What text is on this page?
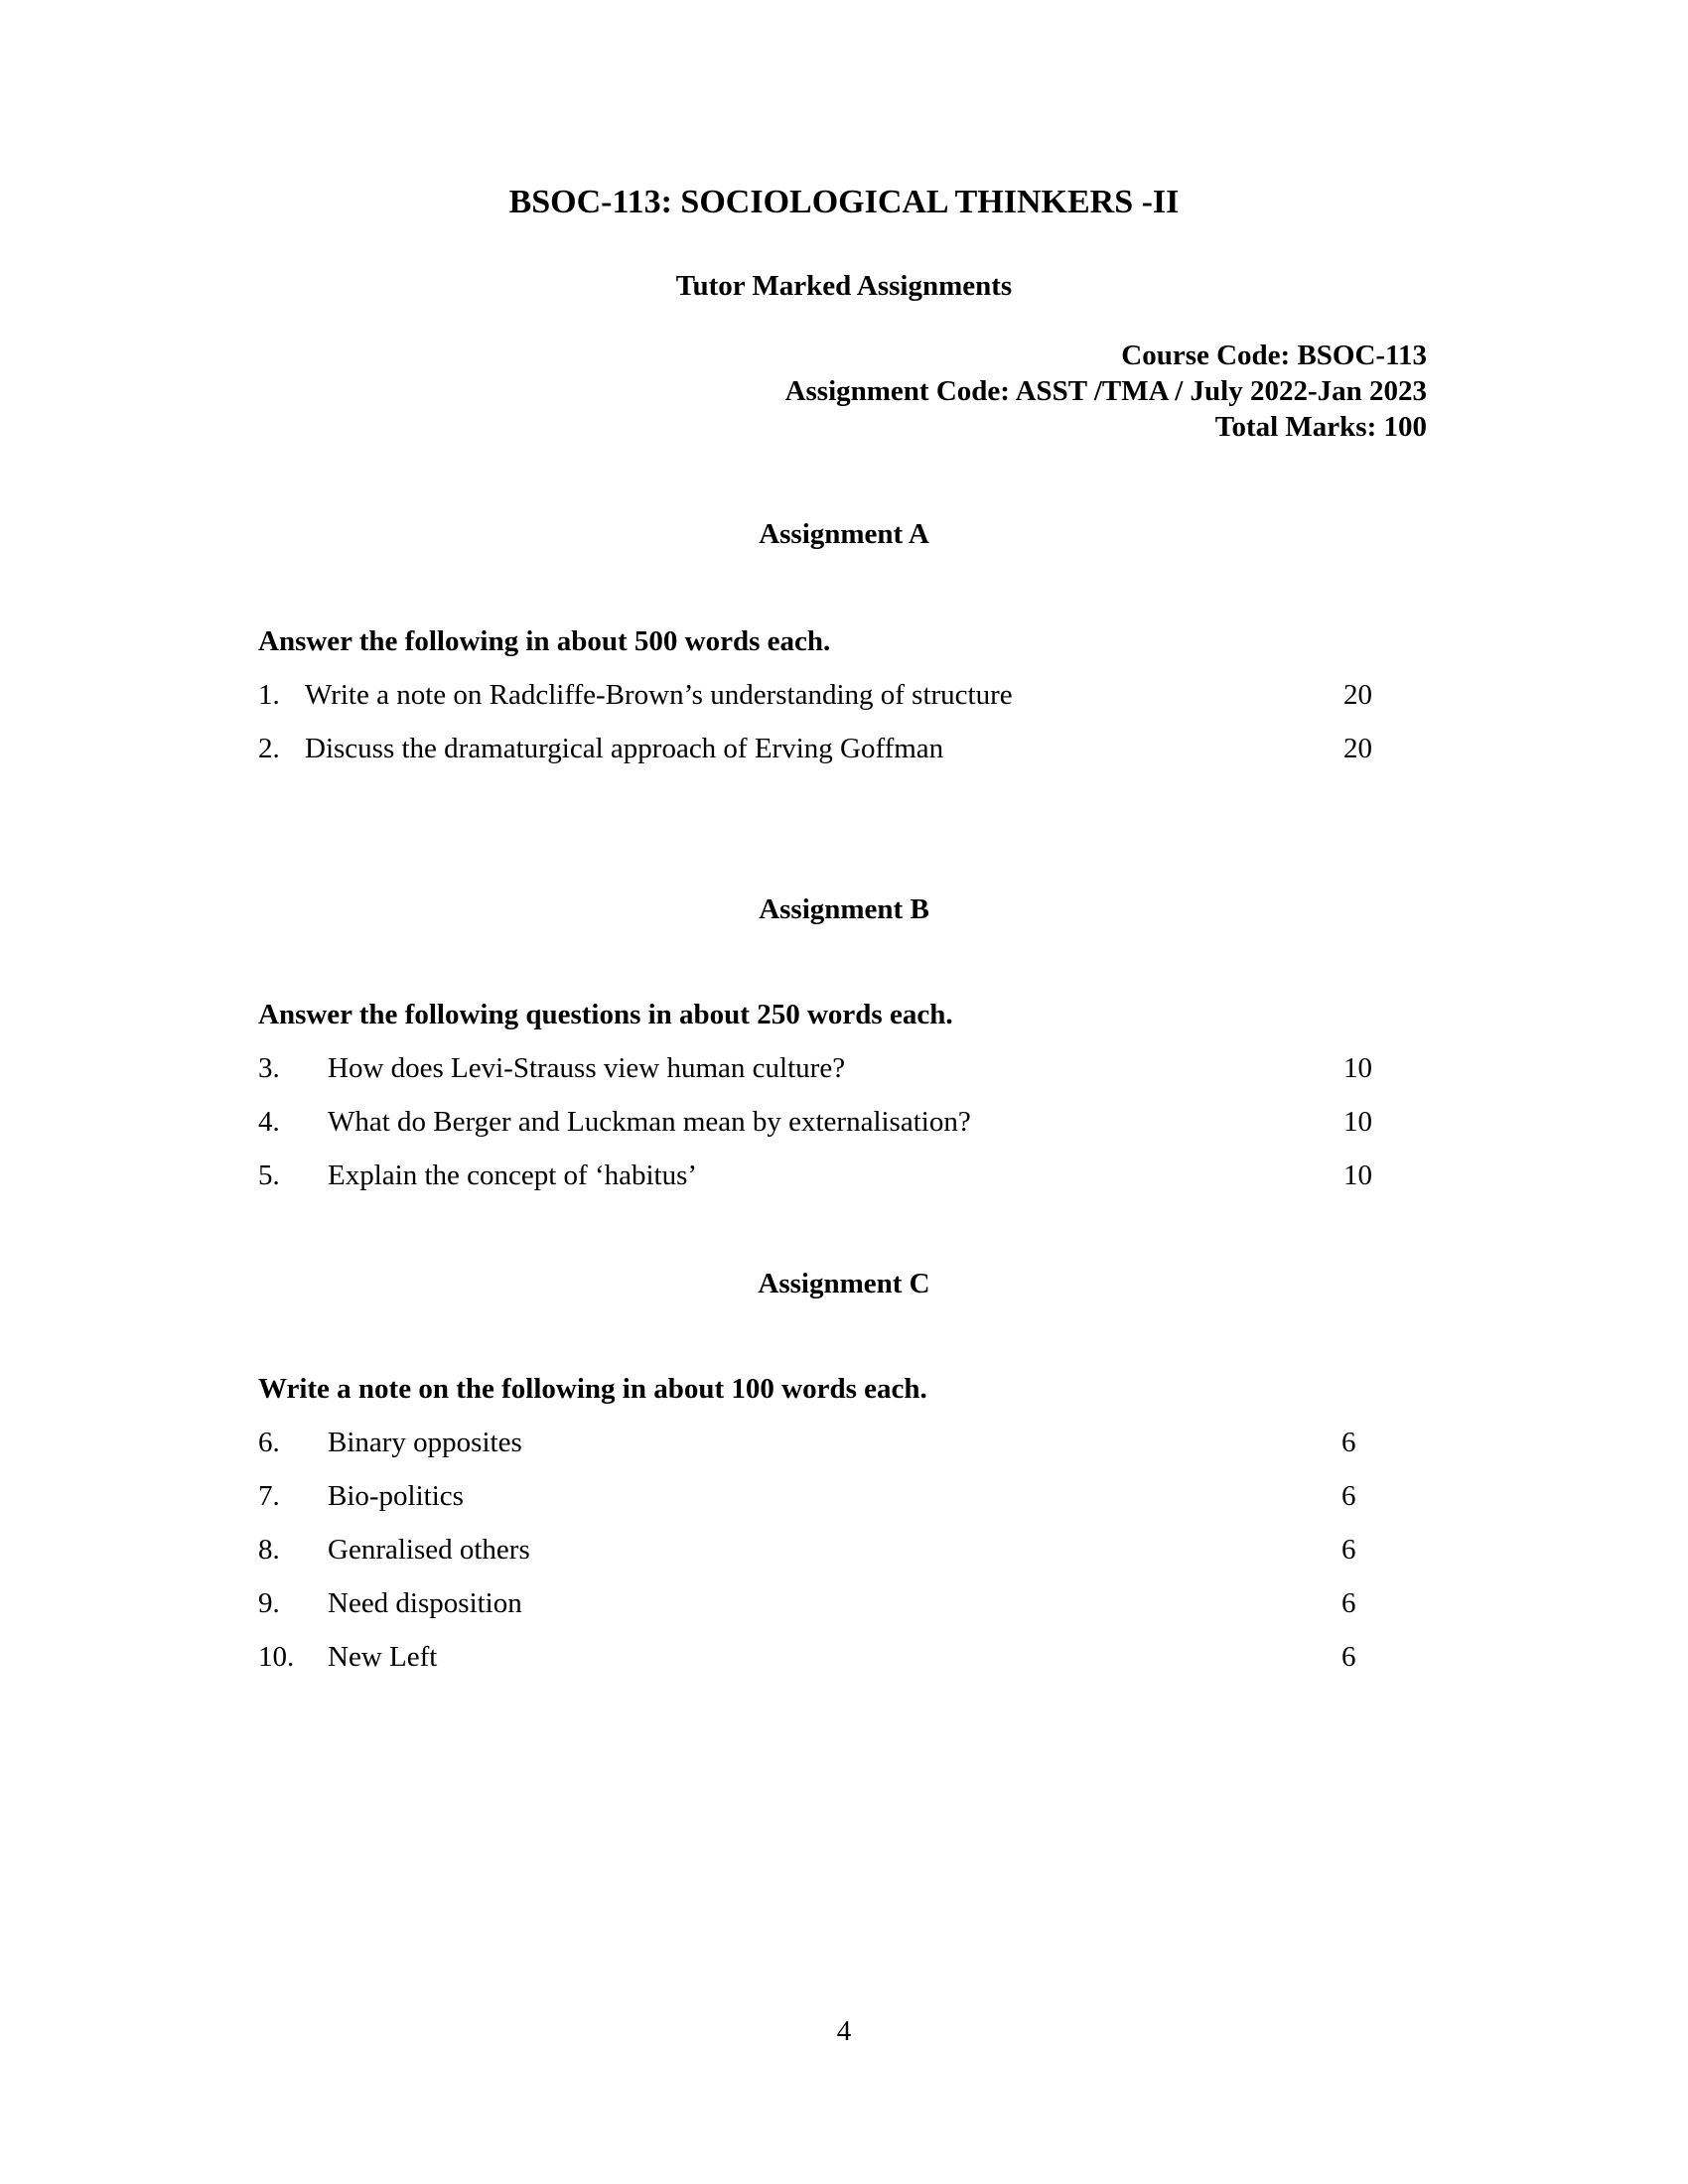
BSOC-113: SOCIOLOGICAL THINKERS -II
Tutor Marked Assignments
Course Code: BSOC-113
Assignment Code: ASST /TMA / July 2022-Jan 2023
Total Marks: 100
Assignment A
Answer the following in about 500 words each.
1. Write a note on Radcliffe-Brown’s understanding of structure	20
2. Discuss the dramaturgical approach of Erving Goffman	20
Assignment B
Answer the following questions in about 250 words each.
3. How does Levi-Strauss view human culture?	10
4. What do Berger and Luckman mean by externalisation?	10
5. Explain the concept of ‘habitus’	10
Assignment C
Write a note on the following in about 100 words each.
6. Binary opposites	6
7. Bio-politics	6
8. Genralised others	6
9. Need disposition	6
10. New Left	6
4
